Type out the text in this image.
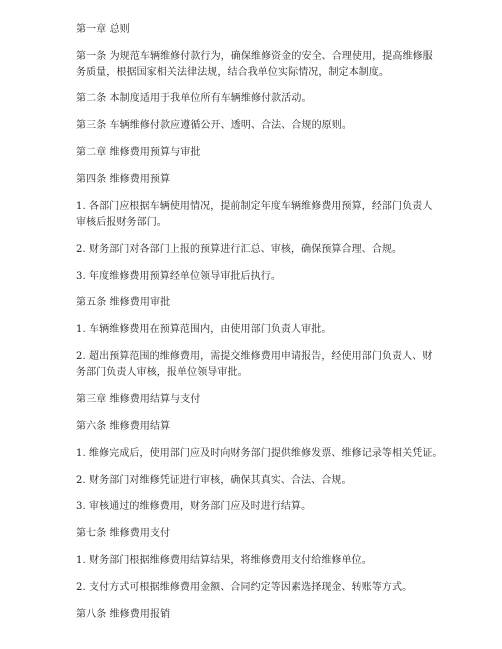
第一章 总则
第一条 为规范车辆维修付款行为，确保维修资金的安全、合理使用，提高维修服
务质量，根据国家相关法律法规，结合我单位实际情况，制定本制度。
第二条 本制度适用于我单位所有车辆维修付款活动。
第三条 车辆维修付款应遵循公开、透明、合法、合规的原则。
第二章 维修费用预算与审批
第四条 维修费用预算
1. 各部门应根据车辆使用情况，提前制定年度车辆维修费用预算，经部门负责人
审核后报财务部门。
2. 财务部门对各部门上报的预算进行汇总、审核，确保预算合理、合规。
3. 年度维修费用预算经单位领导审批后执行。
第五条 维修费用审批
1. 车辆维修费用在预算范围内，由使用部门负责人审批。
2. 超出预算范围的维修费用，需提交维修费用申请报告，经使用部门负责人、财
务部门负责人审核，报单位领导审批。
第三章 维修费用结算与支付
第六条 维修费用结算
1. 维修完成后，使用部门应及时向财务部门提供维修发票、维修记录等相关凭证。
2. 财务部门对维修凭证进行审核，确保其真实、合法、合规。
3. 审核通过的维修费用，财务部门应及时进行结算。
第七条 维修费用支付
1. 财务部门根据维修费用结算结果，将维修费用支付给维修单位。
2. 支付方式可根据维修费用金额、合同约定等因素选择现金、转账等方式。
第八条 维修费用报销
